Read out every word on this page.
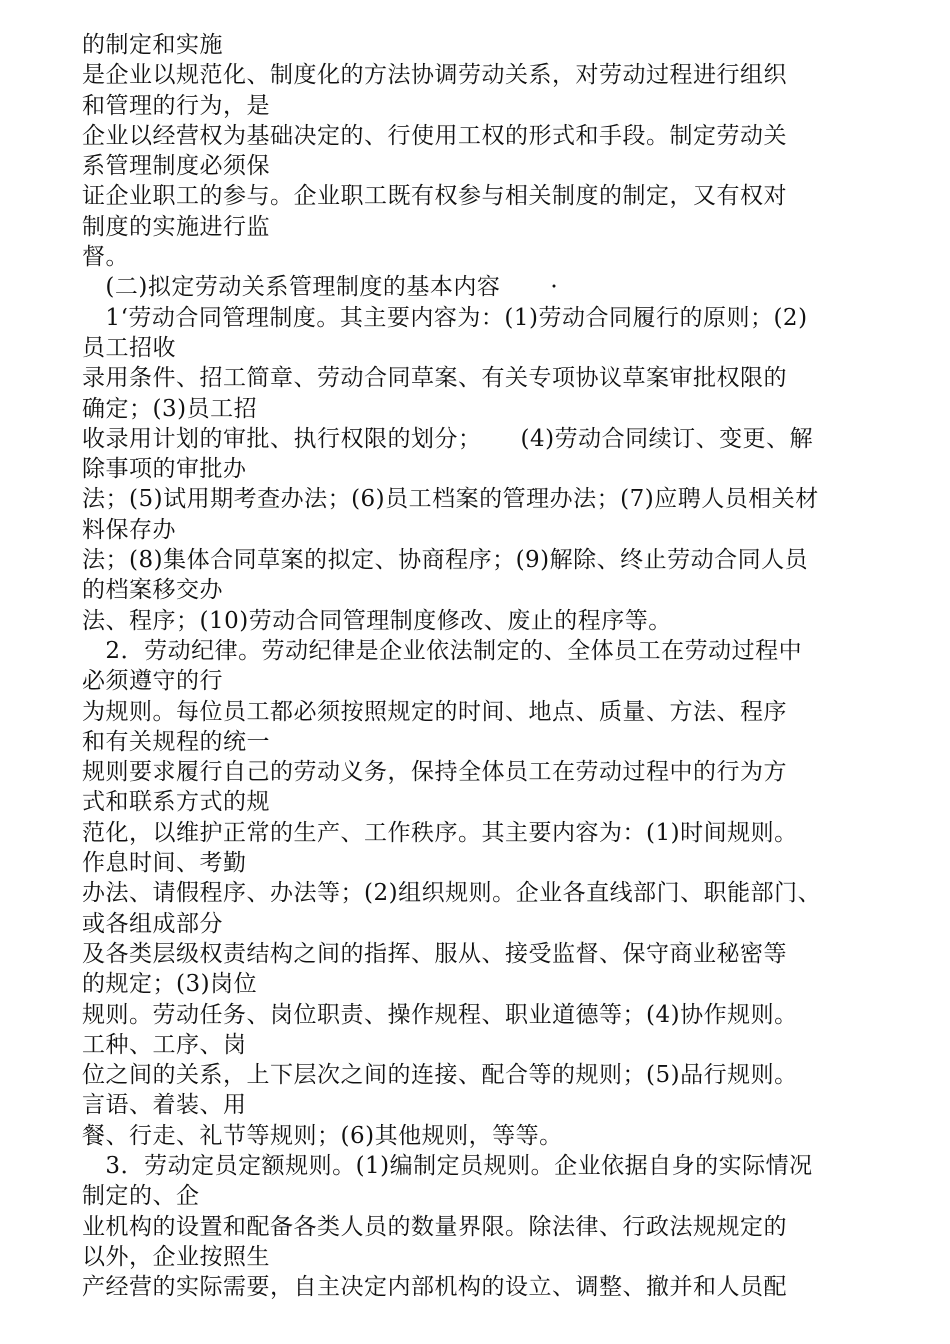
的制定和实施
是企业以规范化、制度化的方法协调劳动关系，对劳动过程进行组织
和管理的行为，是
企业以经营权为基础决定的、行使用工权的形式和手段。制定劳动关
系管理制度必须保
证企业职工的参与。企业职工既有权参与相关制度的制定，又有权对
制度的实施进行监
督。
(二)拟定劳动关系管理制度的基本内容 ·
1‘劳动合同管理制度。其主要内容为：(1)劳动合同履行的原则；(2)
员工招收
录用条件、招工简章、劳动合同草案、有关专项协议草案审批权限的
确定；(3)员工招
收录用计划的审批、执行权限的划分；     (4)劳动合同续订、变更、解
除事项的审批办
法；(5)试用期考查办法；(6)员工档案的管理办法；(7)应聘人员相关材
料保存办
法；(8)集体合同草案的拟定、协商程序；(9)解除、终止劳动合同人员
的档案移交办
法、程序；(10)劳动合同管理制度修改、废止的程序等。
2．劳动纪律。劳动纪律是企业依法制定的、全体员工在劳动过程中
必须遵守的行
为规则。每位员工都必须按照规定的时间、地点、质量、方法、程序
和有关规程的统一
规则要求履行自己的劳动义务，保持全体员工在劳动过程中的行为方
式和联系方式的规
范化，以维护正常的生产、工作秩序。其主要内容为：(1)时间规则。
作息时间、考勤
办法、请假程序、办法等；(2)组织规则。企业各直线部门、职能部门、
或各组成部分
及各类层级权责结构之间的指挥、服从、接受监督、保守商业秘密等
的规定；(3)岗位
规则。劳动任务、岗位职责、操作规程、职业道德等；(4)协作规则。
工种、工序、岗
位之间的关系，上下层次之间的连接、配合等的规则；(5)品行规则。
言语、着装、用
餐、行走、礼节等规则；(6)其他规则，等等。
3．劳动定员定额规则。(1)编制定员规则。企业依据自身的实际情况
制定的、企
业机构的设置和配备各类人员的数量界限。除法律、行政法规规定的
以外，企业按照生
产经营的实际需要，自主决定内部机构的设立、调整、撤并和人员配
